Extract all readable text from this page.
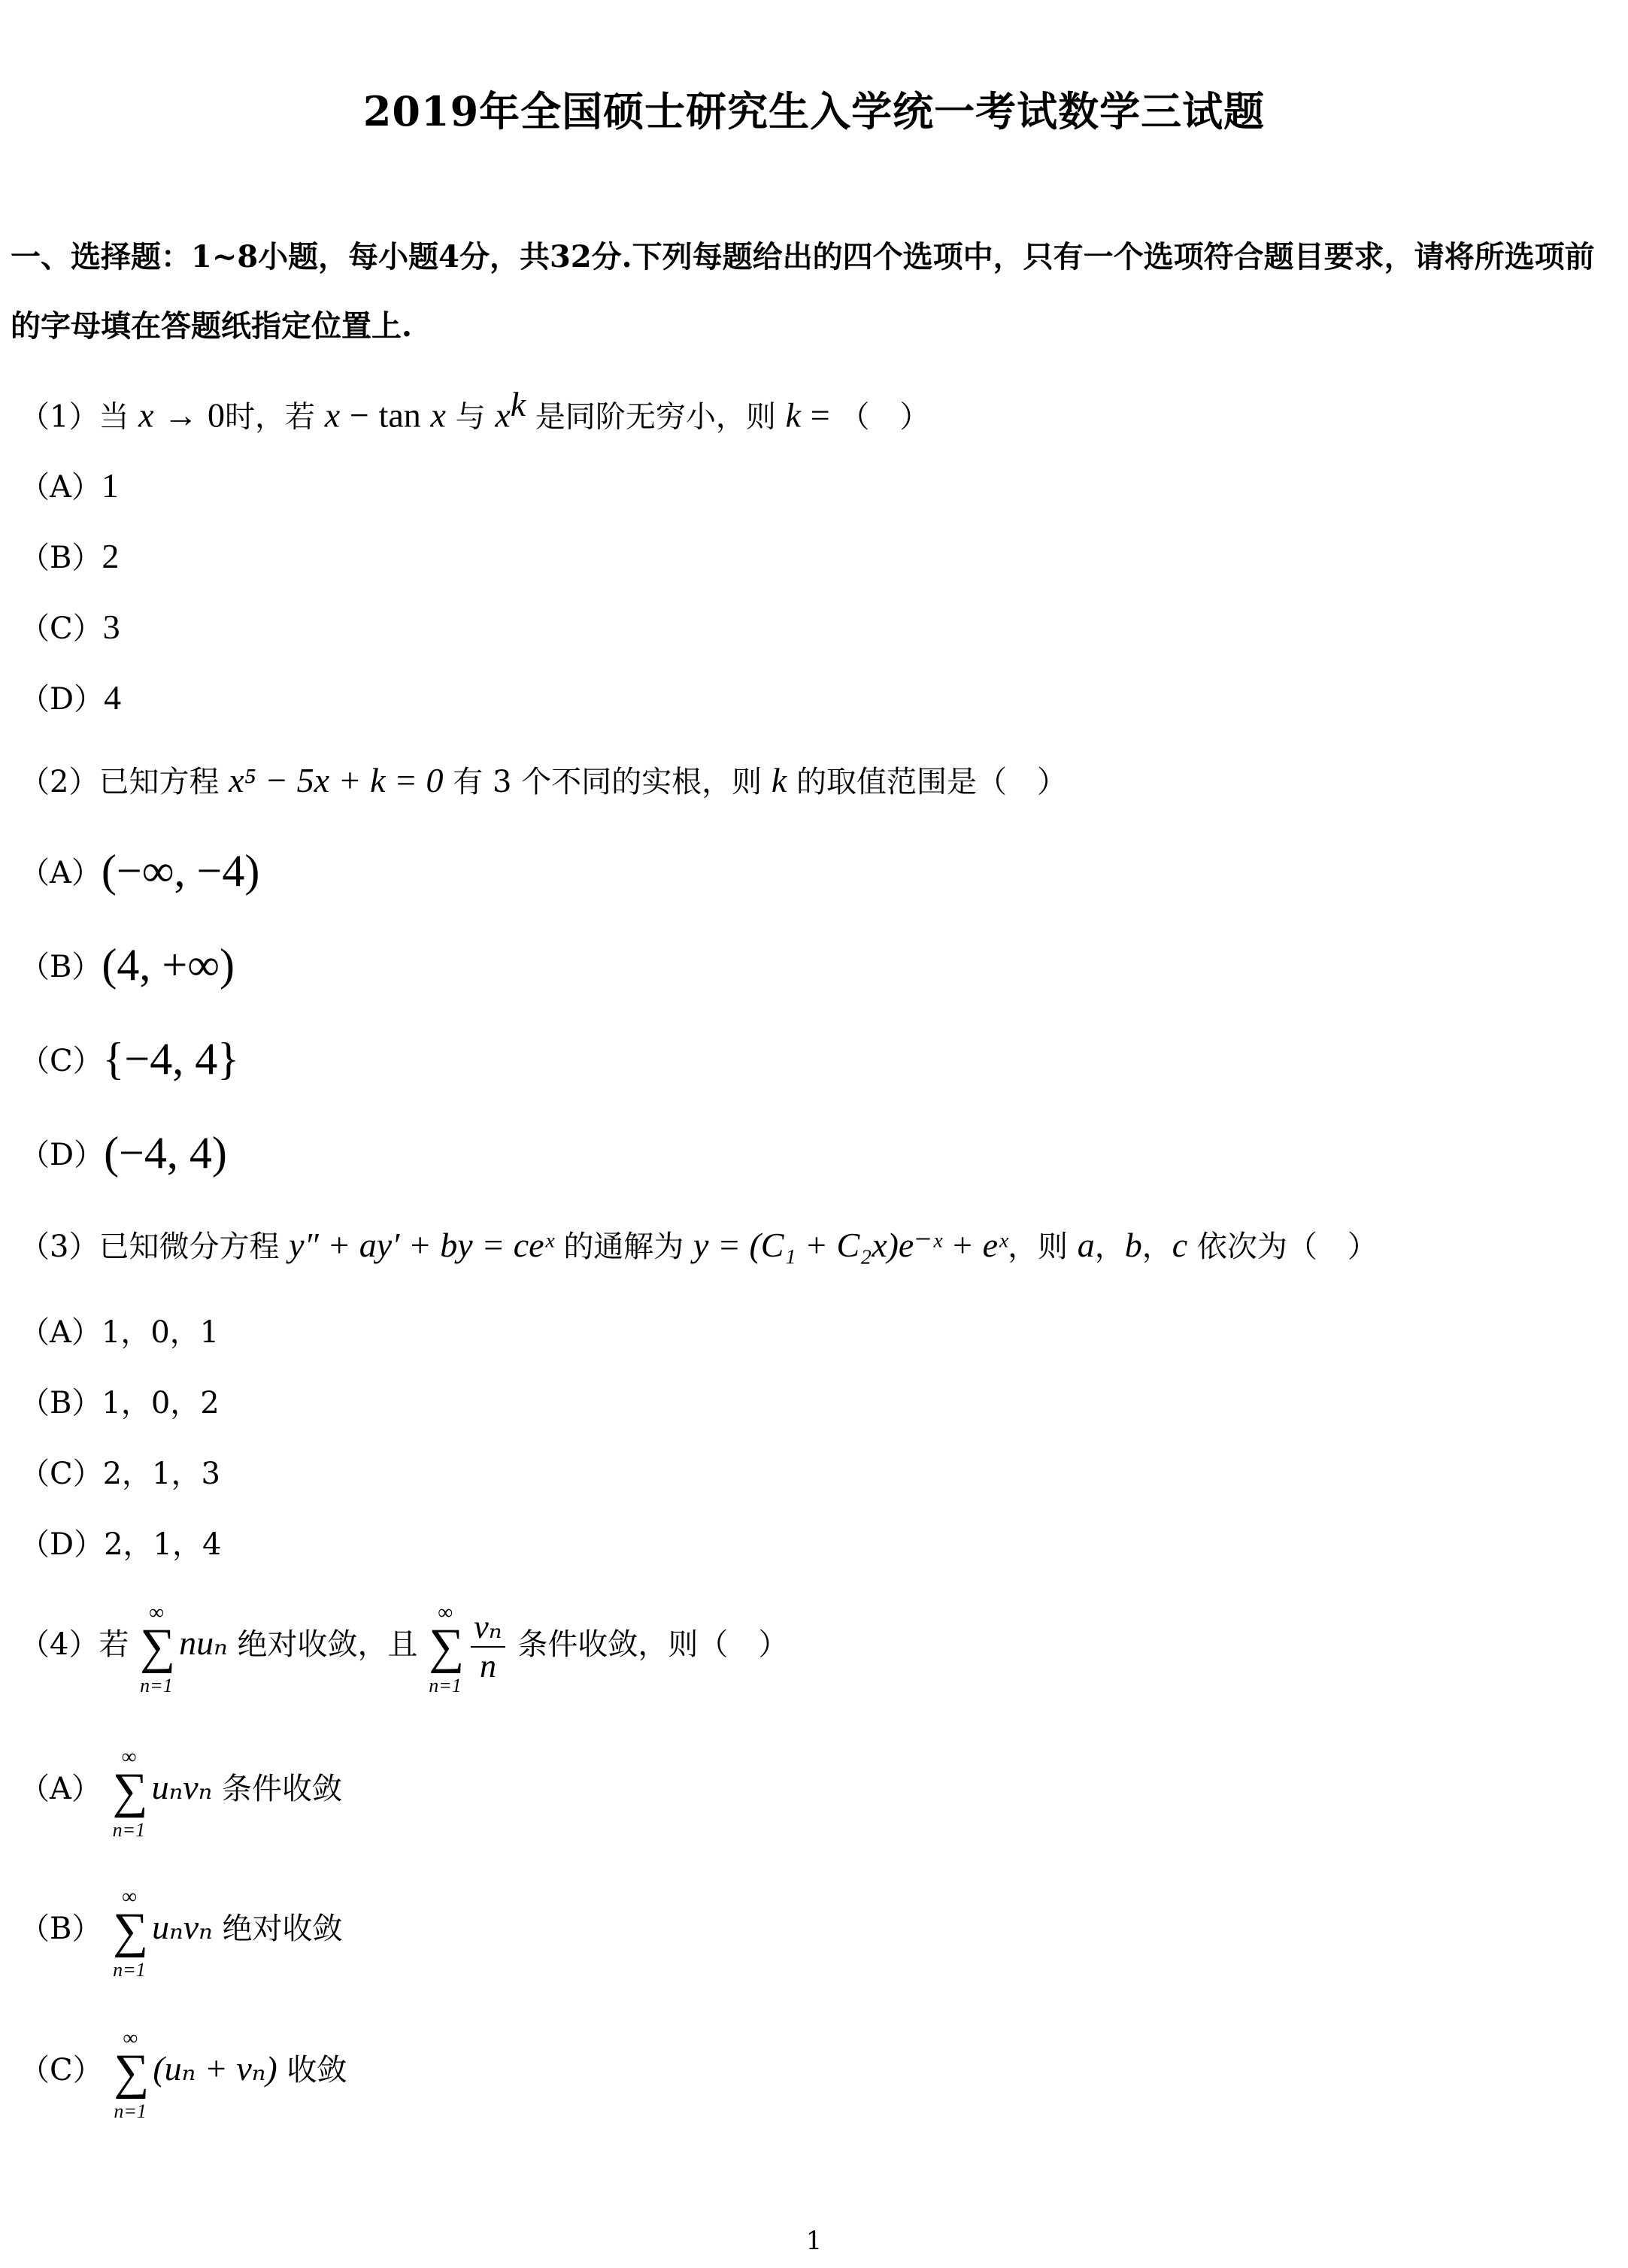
2019年全国硕士研究生入学统一考试数学三试题
一、选择题：1~8小题，每小题4分，共32分.下列每题给出的四个选项中，只有一个选项符合题目要求，请将所选项前
的字母填在答题纸指定位置上.
（1）当 x → 0时，若 x − tan x 与 $x^k$ 是同阶无穷小，则 k = （　）
（A）1
（B）2
（C）3
（D）4
（2）已知方程 x⁵ − 5x + k = 0 有 3 个不同的实根，则 k 的取值范围是（　）
（A）(−∞, −4)
（B）(4, +∞)
（C）{−4, 4}
（D）(−4, 4)
（3）已知微分方程 y″ + ay′ + by = ceˣ 的通解为 y = (C₁ + C₂x)e⁻ˣ + eˣ，则 a，b，c 依次为（　）
（A）1，0，1
（B）1，0，2
（C）2，1，3
（D）2，1，4
（4）若
∞
∑
n=1
nuₙ 绝对收敛，且
∞
∑
n=1
$\frac{\text{vₙ}}{n}$ 条件收敛，则（　）
（A）
∞
∑
n=1
uₙvₙ 条件收敛
（B）
∞
∑
n=1
uₙvₙ 绝对收敛
（C）
∞
∑
n=1
(uₙ + vₙ) 收敛
1
